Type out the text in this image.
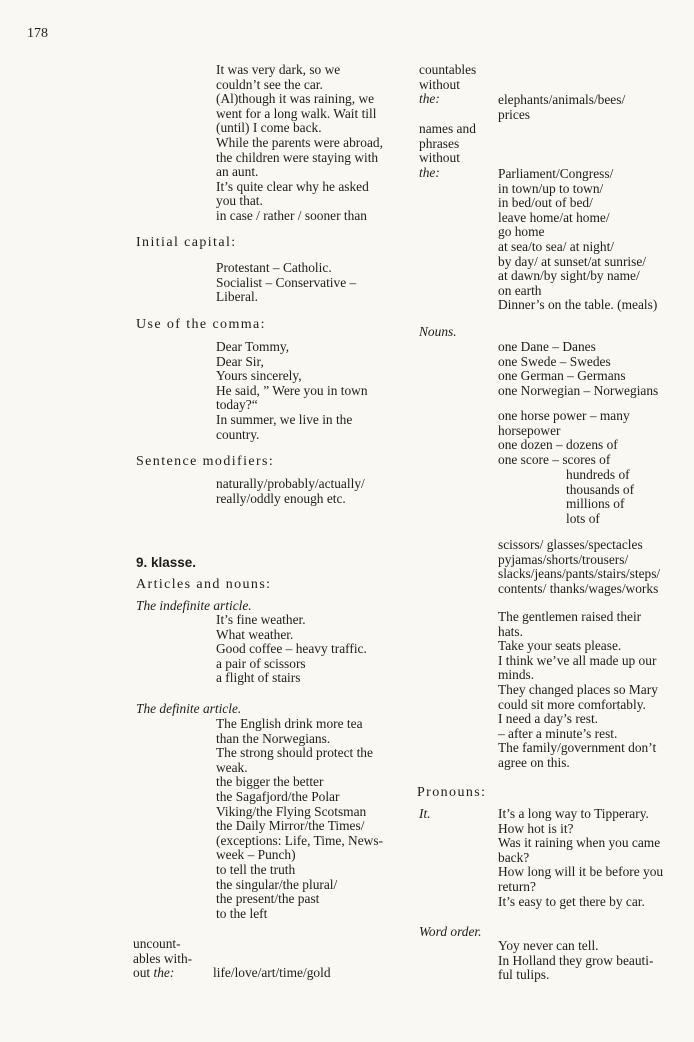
178
It was very dark, so we
couldn’t see the car.
(Al)though it was raining, we
went for a long walk. Wait till
(until) I come back.
While the parents were abroad,
the children were staying with
an aunt.
It’s quite clear why he asked
you that.
in case / rather / sooner than
Initial capital:
Protestant – Catholic.
Socialist – Conservative –
Liberal.
Use of the comma:
Dear Tommy,
Dear Sir,
Yours sincerely,
He said, ” Were you in town
today?“
In summer, we live in the
country.
Sentence modifiers:
naturally/probably/actually/
really/oddly enough etc.
9. klasse.
Articles and nouns:
The indefinite article.
It’s fine weather.
What weather.
Good coffee – heavy traffic.
a pair of scissors
a flight of stairs
The definite article.
The English drink more tea
than the Norwegians.
The strong should protect the
weak.
the bigger the better
the Sagafjord/the Polar
Viking/the Flying Scotsman
the Daily Mirror/the Times/
(exceptions: Life, Time, News-
week – Punch)
to tell the truth
the singular/the plural/
the present/the past
to the left
uncount-
ables with-
out the:	life/love/art/time/gold
countables
without
the:	elephants/animals/bees/
prices
names and
phrases
without
the:	Parliament/Congress/
in town/up to town/
in bed/out of bed/
leave home/at home/
go home
at sea/to sea/ at night/
by day/ at sunset/at sunrise/
at dawn/by sight/by name/
on earth
Dinner’s on the table. (meals)
Nouns.
one Dane – Danes
one Swede – Swedes
one German – Germans
one Norwegian – Norwegians
one horse power – many
horsepower
one dozen – dozens of
one score – scores of
hundreds of
thousands of
millions of
lots of
scissors/ glasses/spectacles
pyjamas/shorts/trousers/
slacks/jeans/pants/stairs/steps/
contents/ thanks/wages/works
The gentlemen raised their
hats.
Take your seats please.
I think we’ve all made up our
minds.
They changed places so Mary
could sit more comfortably.
I need a day’s rest.
– after a minute’s rest.
The family/government don’t
agree on this.
Pronouns:
It.	It’s a long way to Tipperary.
How hot is it?
Was it raining when you came
back?
How long will it be before you
return?
It’s easy to get there by car.
Word order.
Yoy never can tell.
In Holland they grow beauti-
ful tulips.
